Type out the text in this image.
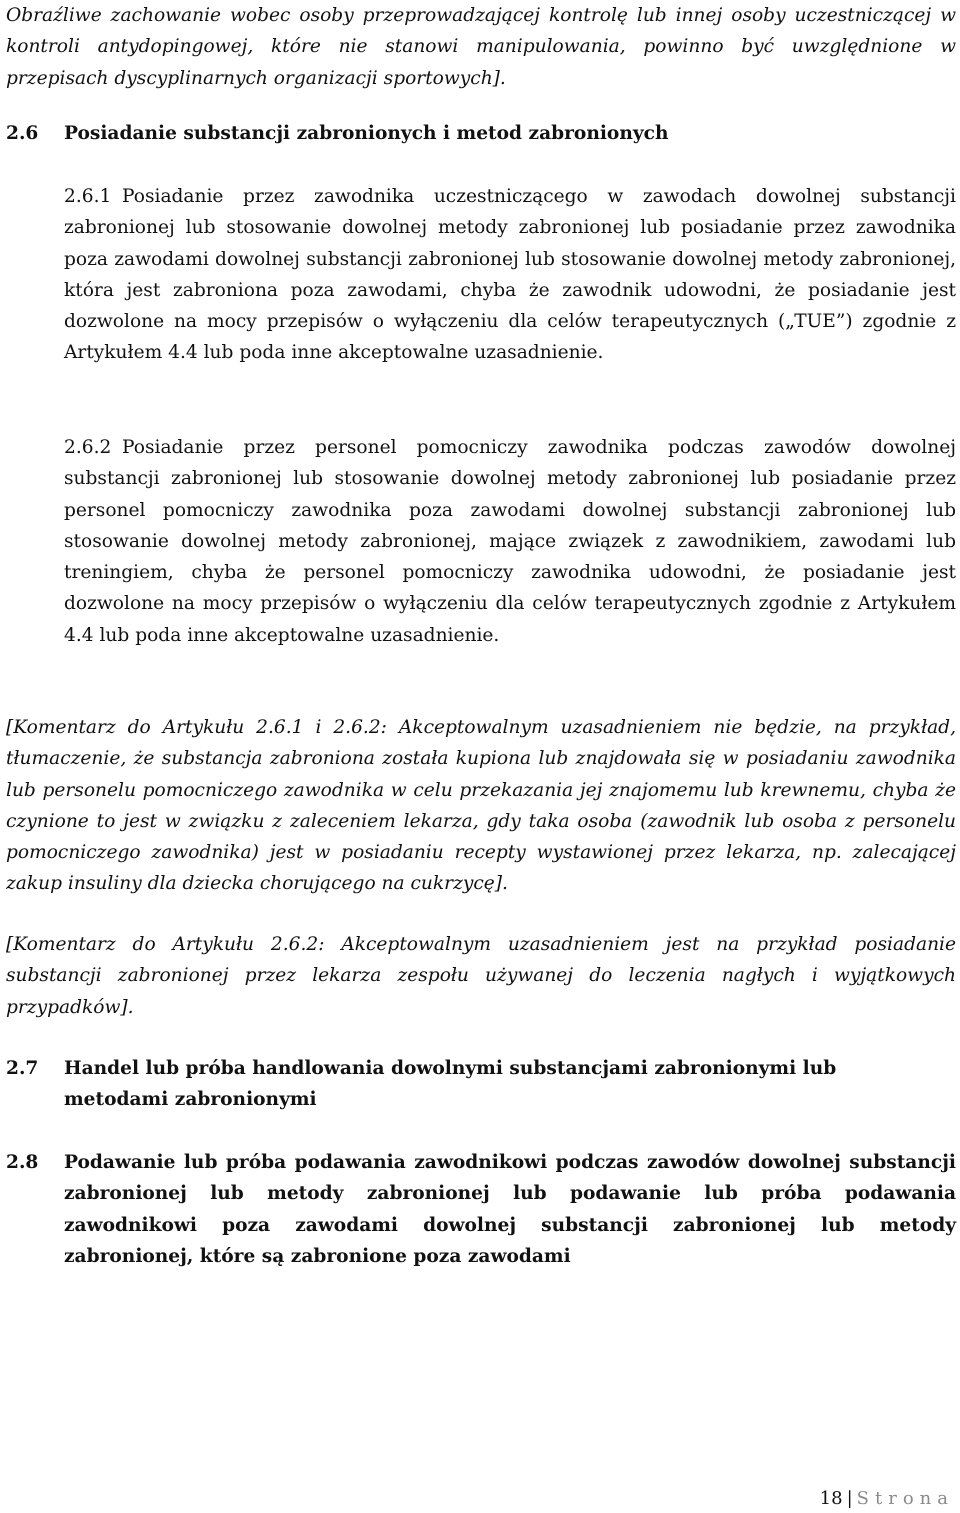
Obraźliwe zachowanie wobec osoby przeprowadzającej kontrolę lub innej osoby uczestniczącej w kontroli antydopingowej, które nie stanowi manipulowania, powinno być uwzględnione w przepisach dyscyplinarnych organizacji sportowych].

2.6 Posiadanie substancji zabronionych i metod zabronionych

2.6.1 Posiadanie przez zawodnika uczestniczącego w zawodach dowolnej substancji zabronionej lub stosowanie dowolnej metody zabronionej lub posiadanie przez zawodnika poza zawodami dowolnej substancji zabronionej lub stosowanie dowolnej metody zabronionej, która jest zabroniona poza zawodami, chyba że zawodnik udowodni, że posiadanie jest dozwolone na mocy przepisów o wyłączeniu dla celów terapeutycznych („TUE”) zgodnie z Artykułem 4.4 lub poda inne akceptowalne uzasadnienie.

2.6.2 Posiadanie przez personel pomocniczy zawodnika podczas zawodów dowolnej substancji zabronionej lub stosowanie dowolnej metody zabronionej lub posiadanie przez personel pomocniczy zawodnika poza zawodami dowolnej substancji zabronionej lub stosowanie dowolnej metody zabronionej, mające związek z zawodnikiem, zawodami lub treningiem, chyba że personel pomocniczy zawodnika udowodni, że posiadanie jest dozwolone na mocy przepisów o wyłączeniu dla celów terapeutycznych zgodnie z Artykułem 4.4 lub poda inne akceptowalne uzasadnienie.

[Komentarz do Artykułu 2.6.1 i 2.6.2: Akceptowalnym uzasadnieniem nie będzie, na przykład, tłumaczenie, że substancja zabroniona została kupiona lub znajdowała się w posiadaniu zawodnika lub personelu pomocniczego zawodnika w celu przekazania jej znajomemu lub krewnemu, chyba że czynione to jest w związku z zaleceniem lekarza, gdy taka osoba (zawodnik lub osoba z personelu pomocniczego zawodnika) jest w posiadaniu recepty wystawionej przez lekarza, np. zalecającej zakup insuliny dla dziecka chorującego na cukrzycę].

[Komentarz do Artykułu 2.6.2: Akceptowalnym uzasadnieniem jest na przykład posiadanie substancji zabronionej przez lekarza zespołu używanej do leczenia nagłych i wyjątkowych przypadków].

2.7 Handel lub próba handlowania dowolnymi substancjami zabronionymi lub metodami zabronionymi
2.8 Podawanie lub próba podawania zawodnikowi podczas zawodów dowolnej substancji zabronionej lub metody zabronionej lub podawanie lub próba podawania zawodnikowi poza zawodami dowolnej substancji zabronionej lub metody zabronionej, które są zabronione poza zawodami
18 | Strona
